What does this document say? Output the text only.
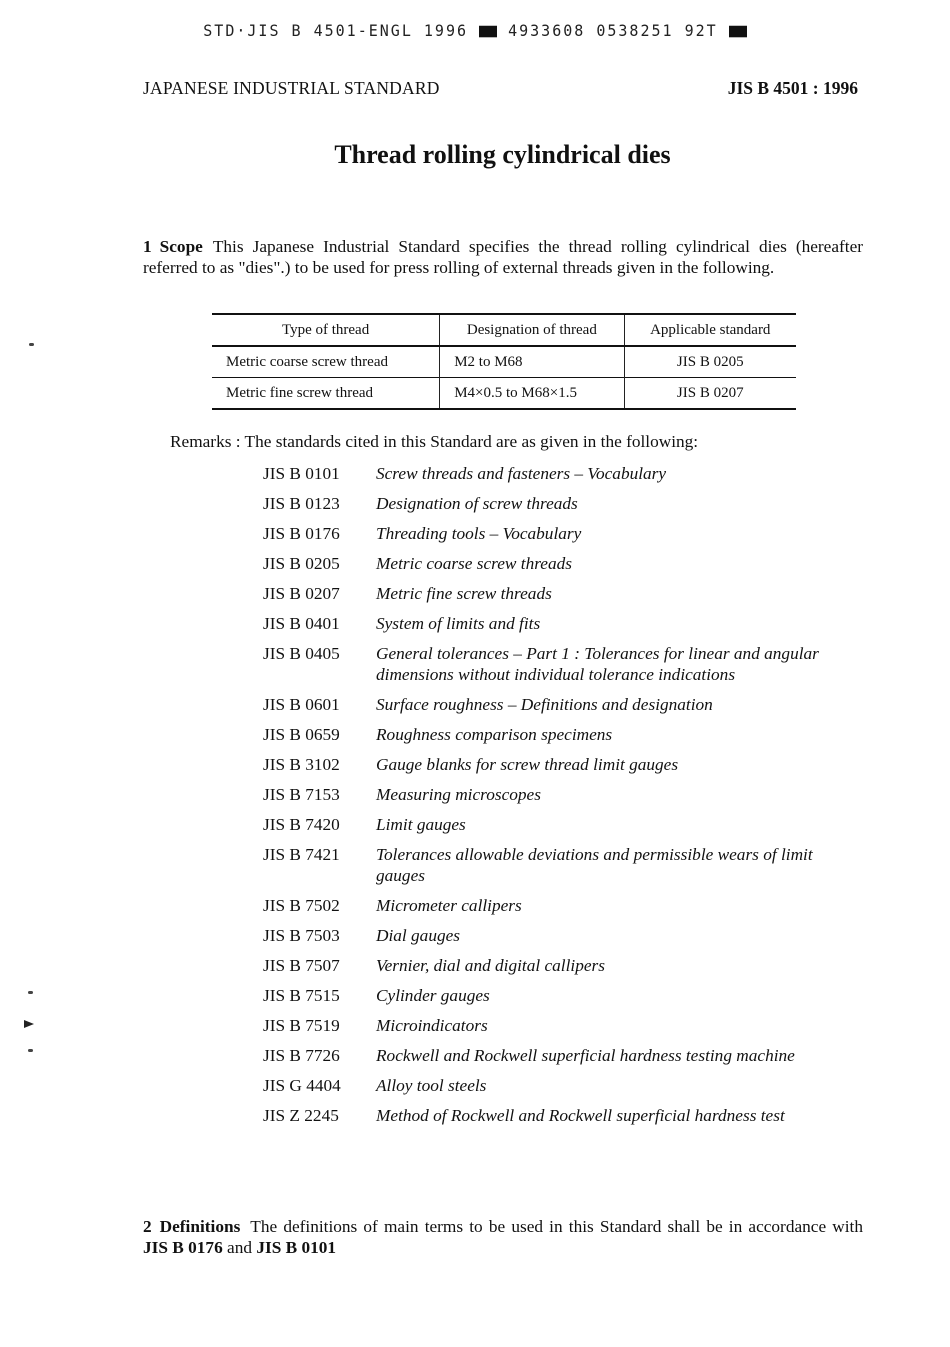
STD·JIS B 4501-ENGL 1996	4933608 0538251 92T
JAPANESE INDUSTRIAL STANDARD	JIS B 4501 : 1996
Thread rolling cylindrical dies
1 Scope This Japanese Industrial Standard specifies the thread rolling cylindrical dies (hereafter referred to as "dies".) to be used for press rolling of external threads given in the following.
Type of thread	Designation of thread	Applicable standard
Metric coarse screw thread	M2 to M68	JIS B 0205
Metric fine screw thread	M4×0.5 to M68×1.5	JIS B 0207
Remarks : The standards cited in this Standard are as given in the following:
JIS B 0101	Screw threads and fasteners – Vocabulary
JIS B 0123	Designation of screw threads
JIS B 0176	Threading tools – Vocabulary
JIS B 0205	Metric coarse screw threads
JIS B 0207	Metric fine screw threads
JIS B 0401	System of limits and fits
JIS B 0405	General tolerances – Part 1 : Tolerances for linear and angular dimensions without individual tolerance indications
JIS B 0601	Surface roughness – Definitions and designation
JIS B 0659	Roughness comparison specimens
JIS B 3102	Gauge blanks for screw thread limit gauges
JIS B 7153	Measuring microscopes
JIS B 7420	Limit gauges
JIS B 7421	Tolerances allowable deviations and permissible wears of limit gauges
JIS B 7502	Micrometer callipers
JIS B 7503	Dial gauges
JIS B 7507	Vernier, dial and digital callipers
JIS B 7515	Cylinder gauges
JIS B 7519	Microindicators
JIS B 7726	Rockwell and Rockwell superficial hardness testing machine
JIS G 4404	Alloy tool steels
JIS Z 2245	Method of Rockwell and Rockwell superficial hardness test
2 Definitions The definitions of main terms to be used in this Standard shall be in accordance with JIS B 0176 and JIS B 0101
